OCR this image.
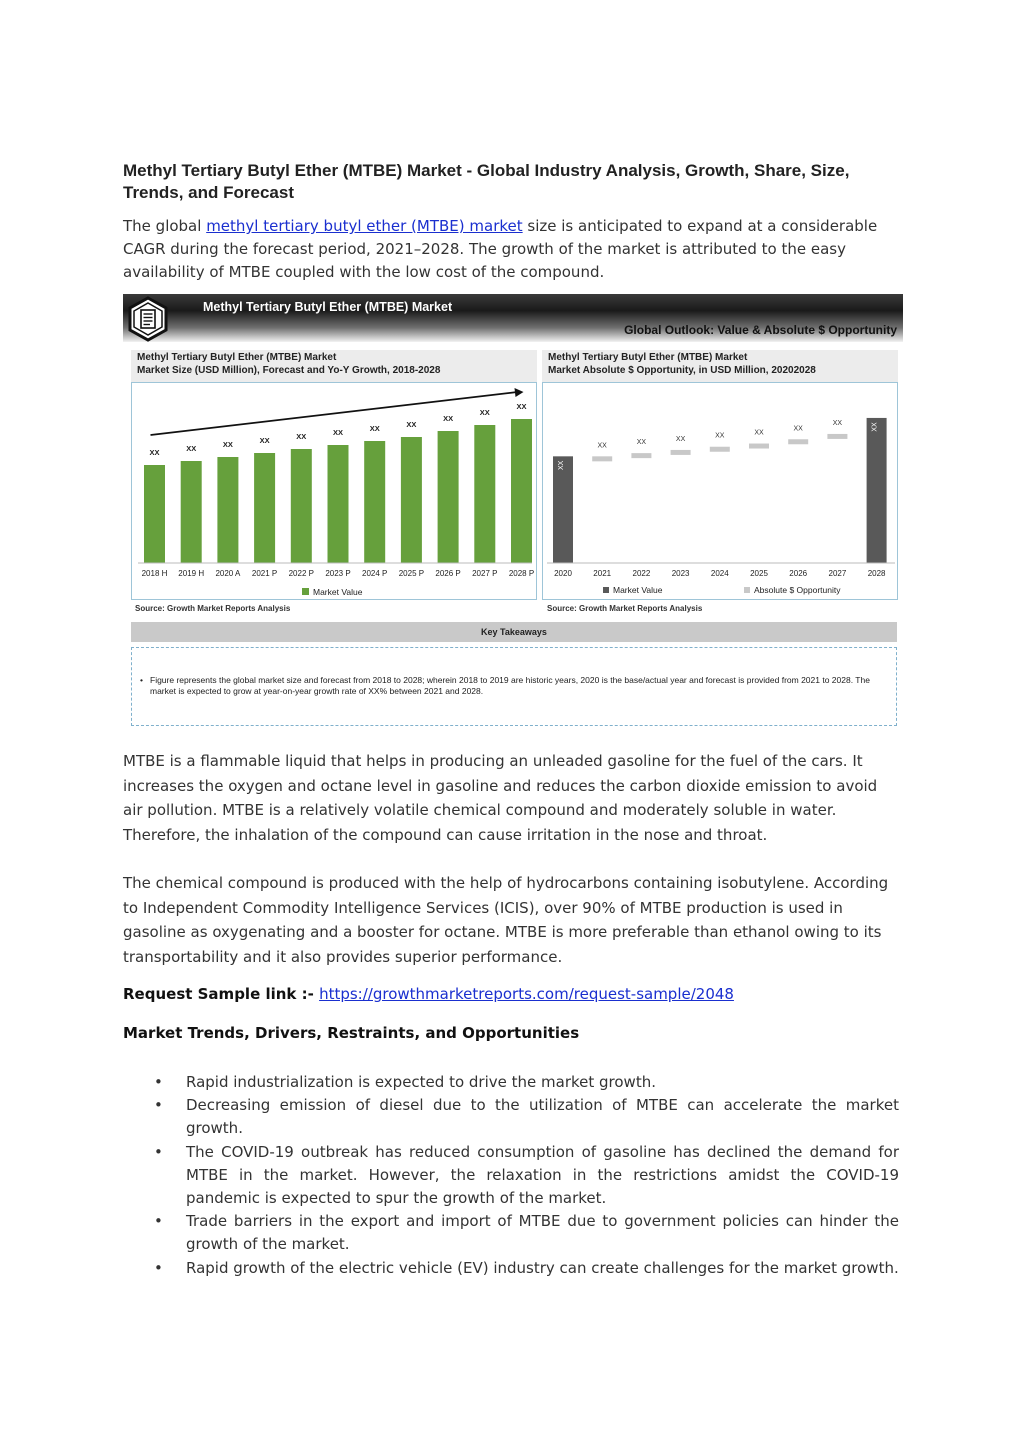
Methyl Tertiary Butyl Ether (MTBE) Market - Global Industry Analysis, Growth, Share, Size, Trends, and Forecast

The global methyl tertiary butyl ether (MTBE) market size is anticipated to expand at a considerable CAGR during the forecast period, 2021–2028. The growth of the market is attributed to the easy availability of MTBE coupled with the low cost of the compound.

Methyl Tertiary Butyl Ether (MTBE) Market
Global Outlook: Value & Absolute $ Opportunity
Methyl Tertiary Butyl Ether (MTBE) Market
Market Size (USD Million), Forecast and Yo-Y Growth, 2018-2028
Methyl Tertiary Butyl Ether (MTBE) Market
Market Absolute $ Opportunity, in USD Million, 20202028
XX
2018 H
XX
2019 H
XX
2020 A
XX
2021 P
XX
2022 P
XX
2023 P
XX
2024 P
XX
2025 P
XX
2026 P
XX
2027 P
XX
2028 P
Market Value
2020
XX
2021
XX
2022
XX
2023
XX
2024
XX
2025
XX
2026
XX
2027
XX
2028
XX
Market Value	Absolute $ Opportunity
Source: Growth Market Reports Analysis	Source: Growth Market Reports Analysis
Key Takeaways
• Figure represents the global market size and forecast from 2018 to 2028; wherein 2018 to 2019 are historic years, 2020 is the base/actual year and forecast is provided from 2021 to 2028. The market is expected to grow at year-on-year growth rate of XX% between 2021 and 2028.

MTBE is a flammable liquid that helps in producing an unleaded gasoline for the fuel of the cars. It increases the oxygen and octane level in gasoline and reduces the carbon dioxide emission to avoid air pollution. MTBE is a relatively volatile chemical compound and moderately soluble in water. Therefore, the inhalation of the compound can cause irritation in the nose and throat.

The chemical compound is produced with the help of hydrocarbons containing isobutylene. According to Independent Commodity Intelligence Services (ICIS), over 90% of MTBE production is used in gasoline as oxygenating and a booster for octane. MTBE is more preferable than ethanol owing to its transportability and it also provides superior performance.

Request Sample link :- https://growthmarketreports.com/request-sample/2048
Market Trends, Drivers, Restraints, and Opportunities
• Rapid industrialization is expected to drive the market growth.
• Decreasing emission of diesel due to the utilization of MTBE can accelerate the market growth.
• The COVID-19 outbreak has reduced consumption of gasoline has declined the demand for MTBE in the market. However, the relaxation in the restrictions amidst the COVID-19 pandemic is expected to spur the growth of the market.
• Trade barriers in the export and import of MTBE due to government policies can hinder the growth of the market.
• Rapid growth of the electric vehicle (EV) industry can create challenges for the market growth.
